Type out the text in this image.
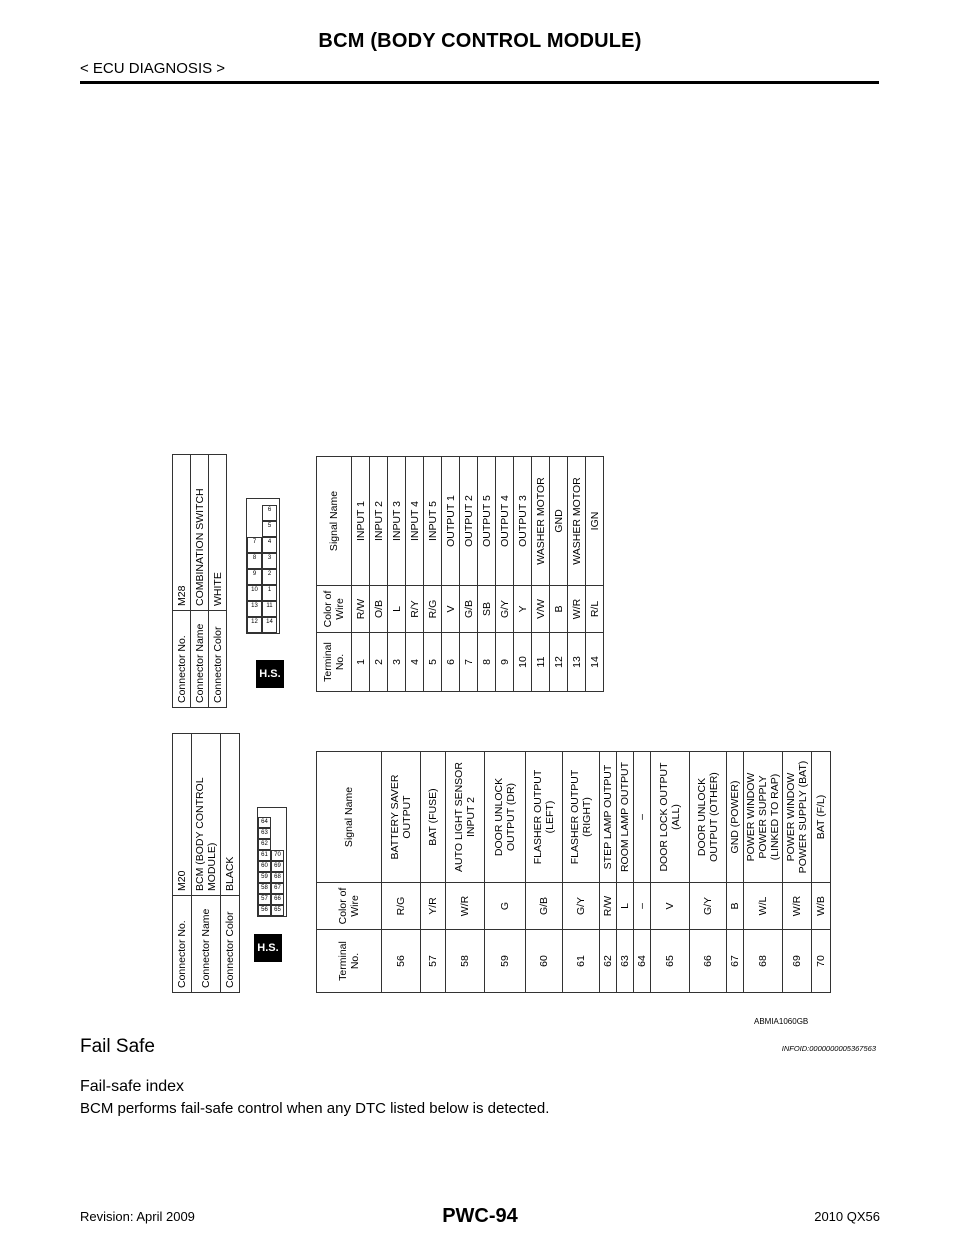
BCM (BODY CONTROL MODULE)
< ECU DIAGNOSIS >
Connector No.	M20
Connector Name	BCM (BODY CONTROL MODULE)
Connector Color	BLACK
H.S.
56
57
58
59
60
61
62
63
64
65
66
67
68
69
70
Terminal No.	Color of Wire	Signal Name
56	R/G	BATTERY SAVER OUTPUT
57	Y/R	BAT (FUSE)
58	W/R	AUTO LIGHT SENSOR INPUT 2
59	G	DOOR UNLOCK OUTPUT (DR)
60	G/B	FLASHER OUTPUT (LEFT)
61	G/Y	FLASHER OUTPUT (RIGHT)
62	R/W	STEP LAMP OUTPUT
63	L	ROOM LAMP OUTPUT
64	–	–
65	V	DOOR LOCK OUTPUT (ALL)
66	G/Y	DOOR UNLOCK OUTPUT (OTHER)
67	B	GND (POWER)
68	W/L	POWER WINDOW POWER SUPPLY (LINKED TO RAP)
69	W/R	POWER WINDOW POWER SUPPLY (BAT)
70	W/B	BAT (F/L)
Connector No.	M28
Connector Name	COMBINATION SWITCH
Connector Color	WHITE
H.S.
12
13
10
9
8
7
14
11
1
2
3
4
5
6
Terminal No.	Color of Wire	Signal Name
1	R/W	INPUT 1
2	O/B	INPUT 2
3	L	INPUT 3
4	R/Y	INPUT 4
5	R/G	INPUT 5
6	V	OUTPUT 1
7	G/B	OUTPUT 2
8	SB	OUTPUT 5
9	G/Y	OUTPUT 4
10	Y	OUTPUT 3
11	V/W	WASHER MOTOR
12	B	GND
13	W/R	WASHER MOTOR
14	R/L	IGN
ABMIA1060GB
Fail Safe	INFOID:0000000005367563
Fail-safe index
BCM performs fail-safe control when any DTC listed below is detected.
Revision: April 2009	PWC-94	2010 QX56
